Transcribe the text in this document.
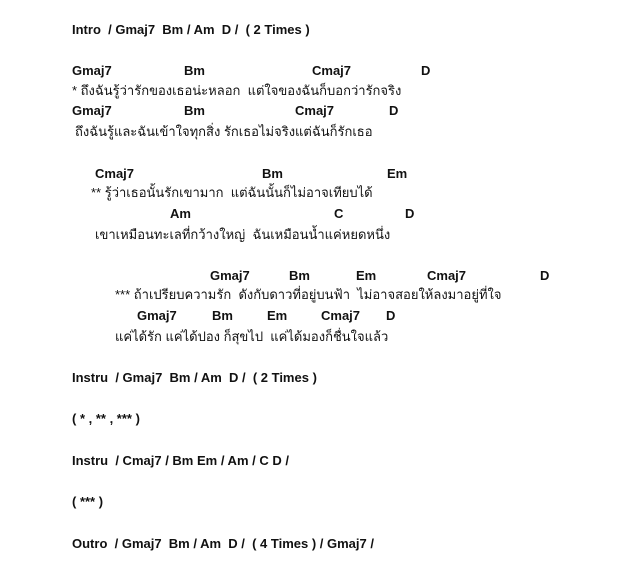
Intro  / Gmaj7  Bm / Am  D /  ( 2 Times )
Gmaj7	Bm	Cmaj7	D
* ถึงฉันรู้ว่ารักของเธอน่ะหลอก  แต่ใจของฉันก็บอกว่ารักจริง
Gmaj7	Bm	Cmaj7	D
ถึงฉันรู้และฉันเข้าใจทุกสิ่ง รักเธอไม่จริงแต่ฉันก็รักเธอ
Cmaj7	Bm	Em
** รู้ว่าเธอนั้นรักเขามาก  แต่ฉันนั้นก็ไม่อาจเทียบได้
Am	C	D
เขาเหมือนทะเลที่กว้างใหญ่  ฉันเหมือนน้ำแค่หยดหนึ่ง
Gmaj7	Bm	Em	Cmaj7	D
*** ถ้าเปรียบความรัก  ดังกับดาวที่อยู่บนฟ้า  ไม่อาจสอยให้ลงมาอยู่ที่ใจ
Gmaj7	Bm	Em	Cmaj7 D
แค่ได้รัก แค่ได้ปอง ก็สุขไป  แค่ได้มองก็ชื่นใจแล้ว
Instru  / Gmaj7  Bm / Am  D /  ( 2 Times )
( * , ** , *** )
Instru  / Cmaj7 / Bm Em / Am / C D /
( *** )
Outro  / Gmaj7  Bm / Am  D /  ( 4 Times ) / Gmaj7 /
